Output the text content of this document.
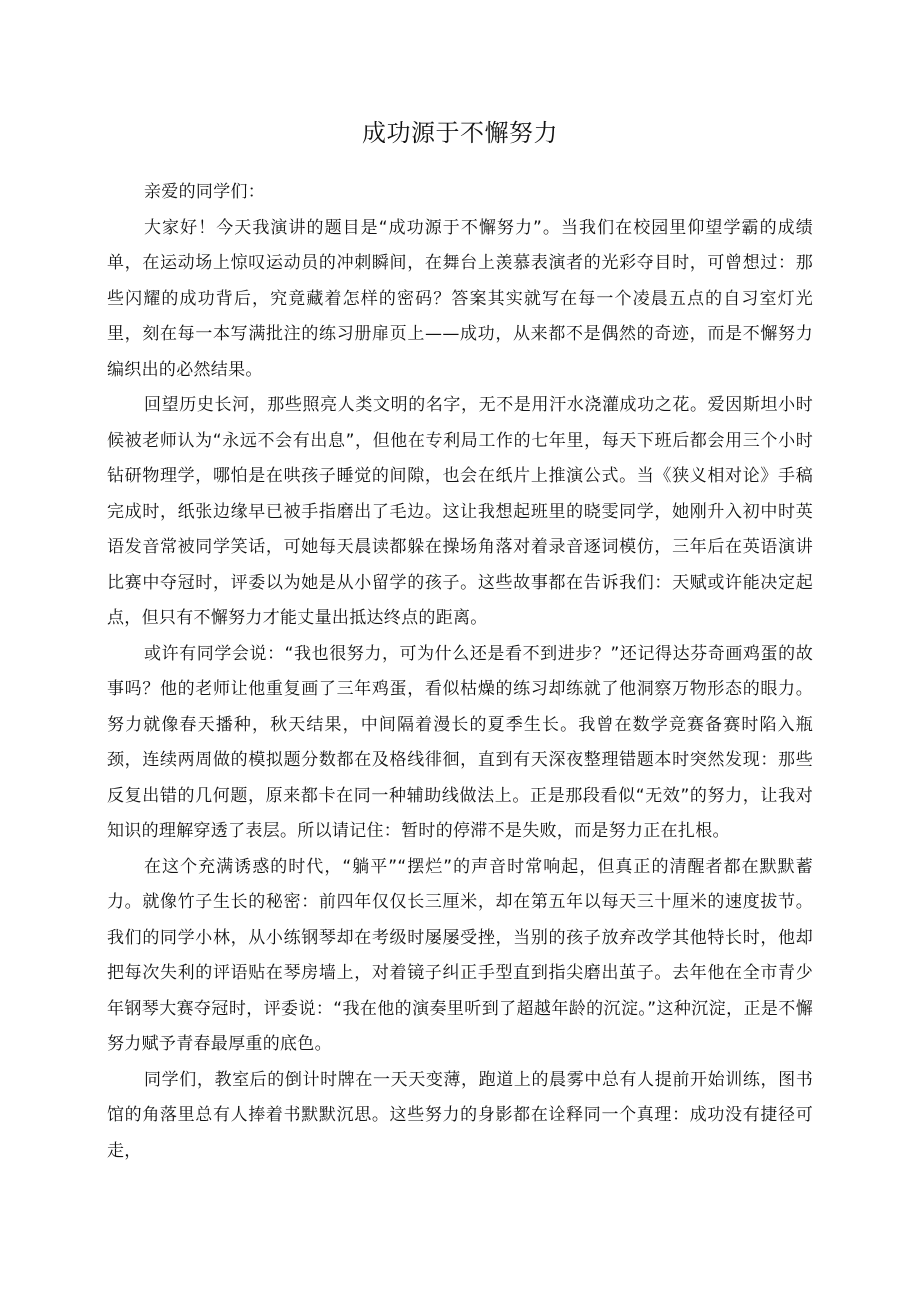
成功源于不懈努力

亲爱的同学们：

大家好！今天我演讲的题目是“成功源于不懈努力”。当我们在校园里仰望学霸的成绩单，在运动场上惊叹运动员的冲刺瞬间，在舞台上羡慕表演者的光彩夺目时，可曾想过：那些闪耀的成功背后，究竟藏着怎样的密码？答案其实就写在每一个凌晨五点的自习室灯光里，刻在每一本写满批注的练习册扉页上——成功，从来都不是偶然的奇迹，而是不懈努力编织出的必然结果。

回望历史长河，那些照亮人类文明的名字，无不是用汗水浇灌成功之花。爱因斯坦小时候被老师认为“永远不会有出息”，但他在专利局工作的七年里，每天下班后都会用三个小时钻研物理学，哪怕是在哄孩子睡觉的间隙，也会在纸片上推演公式。当《狭义相对论》手稿完成时，纸张边缘早已被手指磨出了毛边。这让我想起班里的晓雯同学，她刚升入初中时英语发音常被同学笑话，可她每天晨读都躲在操场角落对着录音逐词模仿，三年后在英语演讲比赛中夺冠时，评委以为她是从小留学的孩子。这些故事都在告诉我们：天赋或许能决定起点，但只有不懈努力才能丈量出抵达终点的距离。

或许有同学会说：“我也很努力，可为什么还是看不到进步？”还记得达芬奇画鸡蛋的故事吗？他的老师让他重复画了三年鸡蛋，看似枯燥的练习却练就了他洞察万物形态的眼力。努力就像春天播种，秋天结果，中间隔着漫长的夏季生长。我曾在数学竞赛备赛时陷入瓶颈，连续两周做的模拟题分数都在及格线徘徊，直到有天深夜整理错题本时突然发现：那些反复出错的几何题，原来都卡在同一种辅助线做法上。正是那段看似“无效”的努力，让我对知识的理解穿透了表层。所以请记住：暂时的停滞不是失败，而是努力正在扎根。

在这个充满诱惑的时代，“躺平”“摆烂”的声音时常响起，但真正的清醒者都在默默蓄力。就像竹子生长的秘密：前四年仅仅长三厘米，却在第五年以每天三十厘米的速度拔节。我们的同学小林，从小练钢琴却在考级时屡屡受挫，当别的孩子放弃改学其他特长时，他却把每次失利的评语贴在琴房墙上，对着镜子纠正手型直到指尖磨出茧子。去年他在全市青少年钢琴大赛夺冠时，评委说：“我在他的演奏里听到了超越年龄的沉淀。”这种沉淀，正是不懈努力赋予青春最厚重的底色。

同学们，教室后的倒计时牌在一天天变薄，跑道上的晨雾中总有人提前开始训练，图书馆的角落里总有人捧着书默默沉思。这些努力的身影都在诠释同一个真理：成功没有捷径可走，
